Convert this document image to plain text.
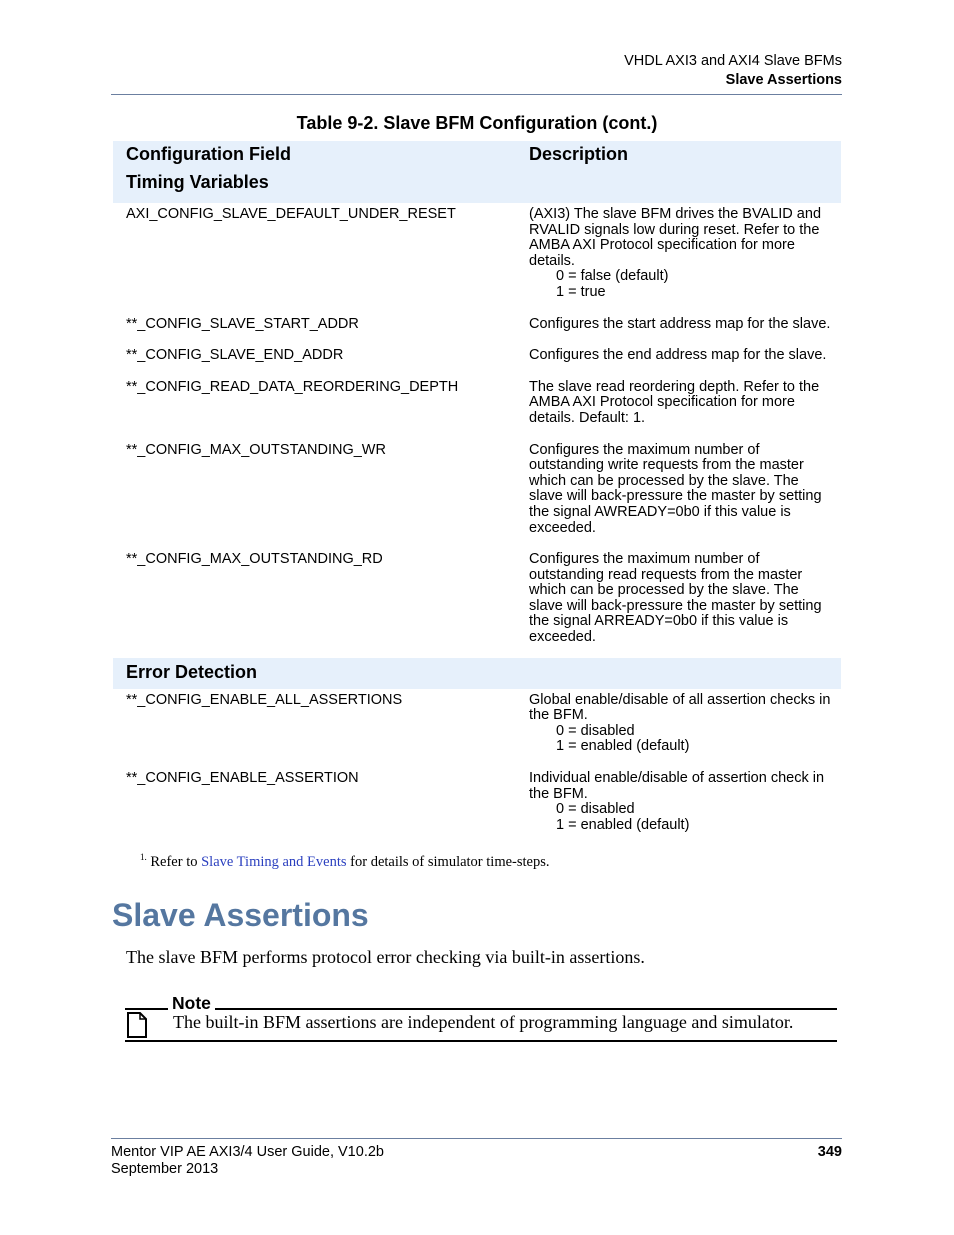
VHDL AXI3 and AXI4 Slave BFMs
Slave Assertions
Table 9-2. Slave BFM Configuration (cont.)
Configuration Field	Description
Timing Variables	
AXI_CONFIG_SLAVE_DEFAULT_UNDER_RESET	(AXI3) The slave BFM drives the BVALID and RVALID signals low during reset. Refer to the AMBA AXI Protocol specification for more details.
0 = false (default)
1 = true

**_CONFIG_SLAVE_START_ADDR	Configures the start address map for the slave.
**_CONFIG_SLAVE_END_ADDR	Configures the end address map for the slave.
**_CONFIG_READ_DATA_REORDERING_DEPTH	The slave read reordering depth. Refer to the AMBA AXI Protocol specification for more details. Default: 1.
**_CONFIG_MAX_OUTSTANDING_WR	Configures the maximum number of outstanding write requests from the master which can be processed by the slave. The slave will back-pressure the master by setting the signal AWREADY=0b0 if this value is exceeded.
**_CONFIG_MAX_OUTSTANDING_RD	Configures the maximum number of outstanding read requests from the master which can be processed by the slave. The slave will back-pressure the master by setting the signal ARREADY=0b0 if this value is exceeded.
Error Detection	
**_CONFIG_ENABLE_ALL_ASSERTIONS	Global enable/disable of all assertion checks in the BFM.
0 = disabled
1 = enabled (default)

**_CONFIG_ENABLE_ASSERTION	Individual enable/disable of assertion check in the BFM.
0 = disabled
1 = enabled (default)
$^{1.}$ Refer to Slave Timing and Events for details of simulator time-steps.
Slave Assertions
The slave BFM performs protocol error checking via built-in assertions.
Note
The built-in BFM assertions are independent of programming language and simulator.
Mentor VIP AE AXI3/4 User Guide, V10.2b
September 2013
349
